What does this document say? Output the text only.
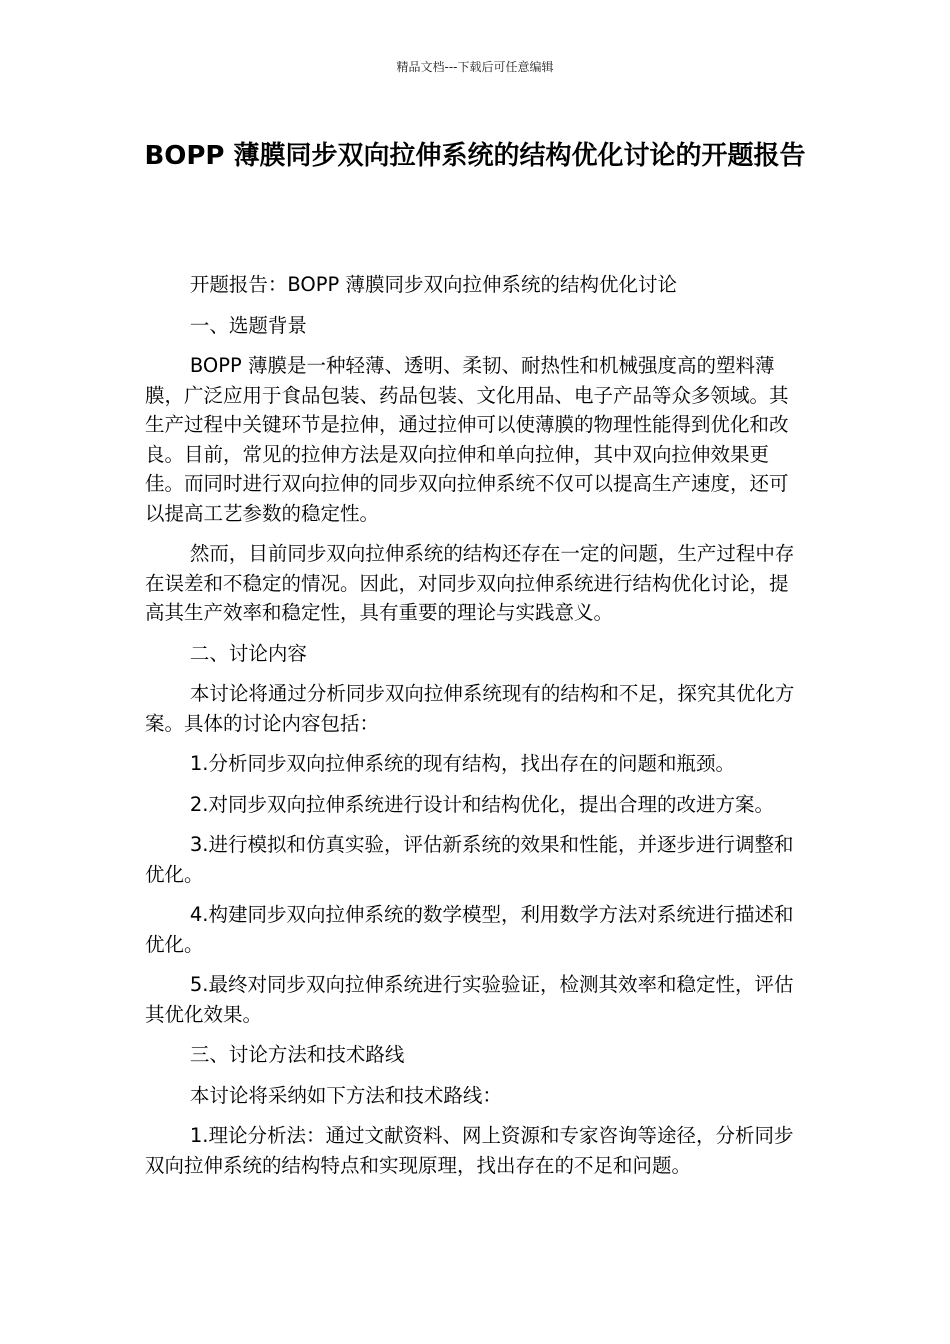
精品文档---下载后可任意编辑
BOPP 薄膜同步双向拉伸系统的结构优化讨论的开题报告

开题报告：BOPP 薄膜同步双向拉伸系统的结构优化讨论

一、选题背景

BOPP 薄膜是一种轻薄、透明、柔韧、耐热性和机械强度高的塑料薄膜，广泛应用于食品包装、药品包装、文化用品、电子产品等众多领域。其生产过程中关键环节是拉伸，通过拉伸可以使薄膜的物理性能得到优化和改良。目前，常见的拉伸方法是双向拉伸和单向拉伸，其中双向拉伸效果更佳。而同时进行双向拉伸的同步双向拉伸系统不仅可以提高生产速度，还可以提高工艺参数的稳定性。

然而，目前同步双向拉伸系统的结构还存在一定的问题，生产过程中存在误差和不稳定的情况。因此，对同步双向拉伸系统进行结构优化讨论，提高其生产效率和稳定性，具有重要的理论与实践意义。

二、讨论内容

本讨论将通过分析同步双向拉伸系统现有的结构和不足，探究其优化方案。具体的讨论内容包括：

1.分析同步双向拉伸系统的现有结构，找出存在的问题和瓶颈。

2.对同步双向拉伸系统进行设计和结构优化，提出合理的改进方案。

3.进行模拟和仿真实验，评估新系统的效果和性能，并逐步进行调整和优化。

4.构建同步双向拉伸系统的数学模型，利用数学方法对系统进行描述和优化。

5.最终对同步双向拉伸系统进行实验验证，检测其效率和稳定性，评估其优化效果。

三、讨论方法和技术路线

本讨论将采纳如下方法和技术路线：

1.理论分析法：通过文献资料、网上资源和专家咨询等途径，分析同步双向拉伸系统的结构特点和实现原理，找出存在的不足和问题。
